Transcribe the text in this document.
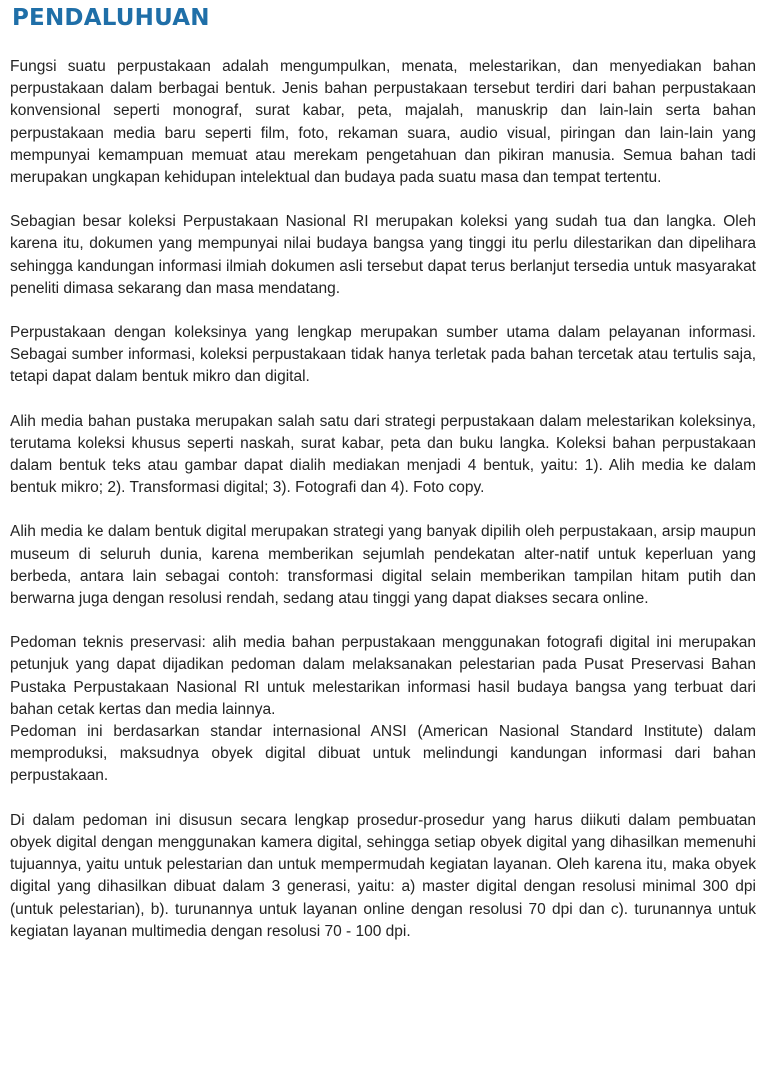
PENDALUHUAN

Fungsi suatu perpustakaan adalah mengumpulkan, menata, melestarikan, dan menyediakan bahan perpustakaan dalam berbagai bentuk. Jenis bahan perpustakaan tersebut terdiri dari bahan perpustakaan konvensional seperti monograf, surat kabar, peta, majalah, manuskrip dan lain-lain serta bahan perpustakaan media baru seperti film, foto, rekaman suara, audio visual, piringan dan lain-lain yang mempunyai kemampuan memuat atau merekam pengetahuan dan pikiran manusia. Semua bahan tadi merupakan ungkapan kehidupan intelektual dan budaya pada suatu masa dan tempat tertentu.

Sebagian besar koleksi Perpustakaan Nasional RI merupakan koleksi yang sudah tua dan langka. Oleh karena itu, dokumen yang mempunyai nilai budaya bangsa yang tinggi itu perlu dilestarikan dan dipelihara sehingga kandungan informasi ilmiah dokumen asli tersebut dapat terus berlanjut tersedia untuk masyarakat peneliti dimasa sekarang dan masa mendatang.

Perpustakaan dengan koleksinya yang lengkap merupakan sumber utama dalam pelayanan informasi. Sebagai sumber informasi, koleksi perpustakaan tidak hanya terletak pada bahan tercetak atau tertulis saja, tetapi dapat dalam bentuk mikro dan digital.

Alih media bahan pustaka merupakan salah satu dari strategi perpustakaan dalam melestarikan koleksinya, terutama koleksi khusus seperti naskah, surat kabar, peta dan buku langka. Koleksi bahan perpustakaan dalam bentuk teks atau gambar dapat dialih mediakan menjadi 4 bentuk, yaitu: 1). Alih media ke dalam bentuk mikro; 2). Transformasi digital; 3). Fotografi dan 4). Foto copy.

Alih media ke dalam bentuk digital merupakan strategi yang banyak dipilih oleh perpustakaan, arsip maupun museum di seluruh dunia, karena memberikan sejumlah pendekatan alter-natif untuk keperluan yang berbeda, antara lain sebagai contoh: transformasi digital selain memberikan tampilan hitam putih dan berwarna juga dengan resolusi rendah, sedang atau tinggi yang dapat diakses secara online.

Pedoman teknis preservasi: alih media bahan perpustakaan menggunakan fotografi digital ini merupakan petunjuk yang dapat dijadikan pedoman dalam melaksanakan pelestarian pada Pusat Preservasi Bahan Pustaka Perpustakaan Nasional RI untuk melestarikan informasi hasil budaya bangsa yang terbuat dari bahan cetak kertas dan media lainnya.

Pedoman ini berdasarkan standar internasional ANSI (American Nasional Standard Institute) dalam memproduksi, maksudnya obyek digital dibuat untuk melindungi kandungan informasi dari bahan perpustakaan.

Di dalam pedoman ini disusun secara lengkap prosedur-prosedur yang harus diikuti dalam pembuatan obyek digital dengan menggunakan kamera digital, sehingga setiap obyek digital yang dihasilkan memenuhi tujuannya, yaitu untuk pelestarian dan untuk mempermudah kegiatan layanan. Oleh karena itu, maka obyek digital yang dihasilkan dibuat dalam 3 generasi, yaitu: a) master digital dengan resolusi minimal 300 dpi (untuk pelestarian), b). turunannya untuk layanan online dengan resolusi 70 dpi dan c). turunannya untuk kegiatan layanan multimedia dengan resolusi 70 - 100 dpi.
